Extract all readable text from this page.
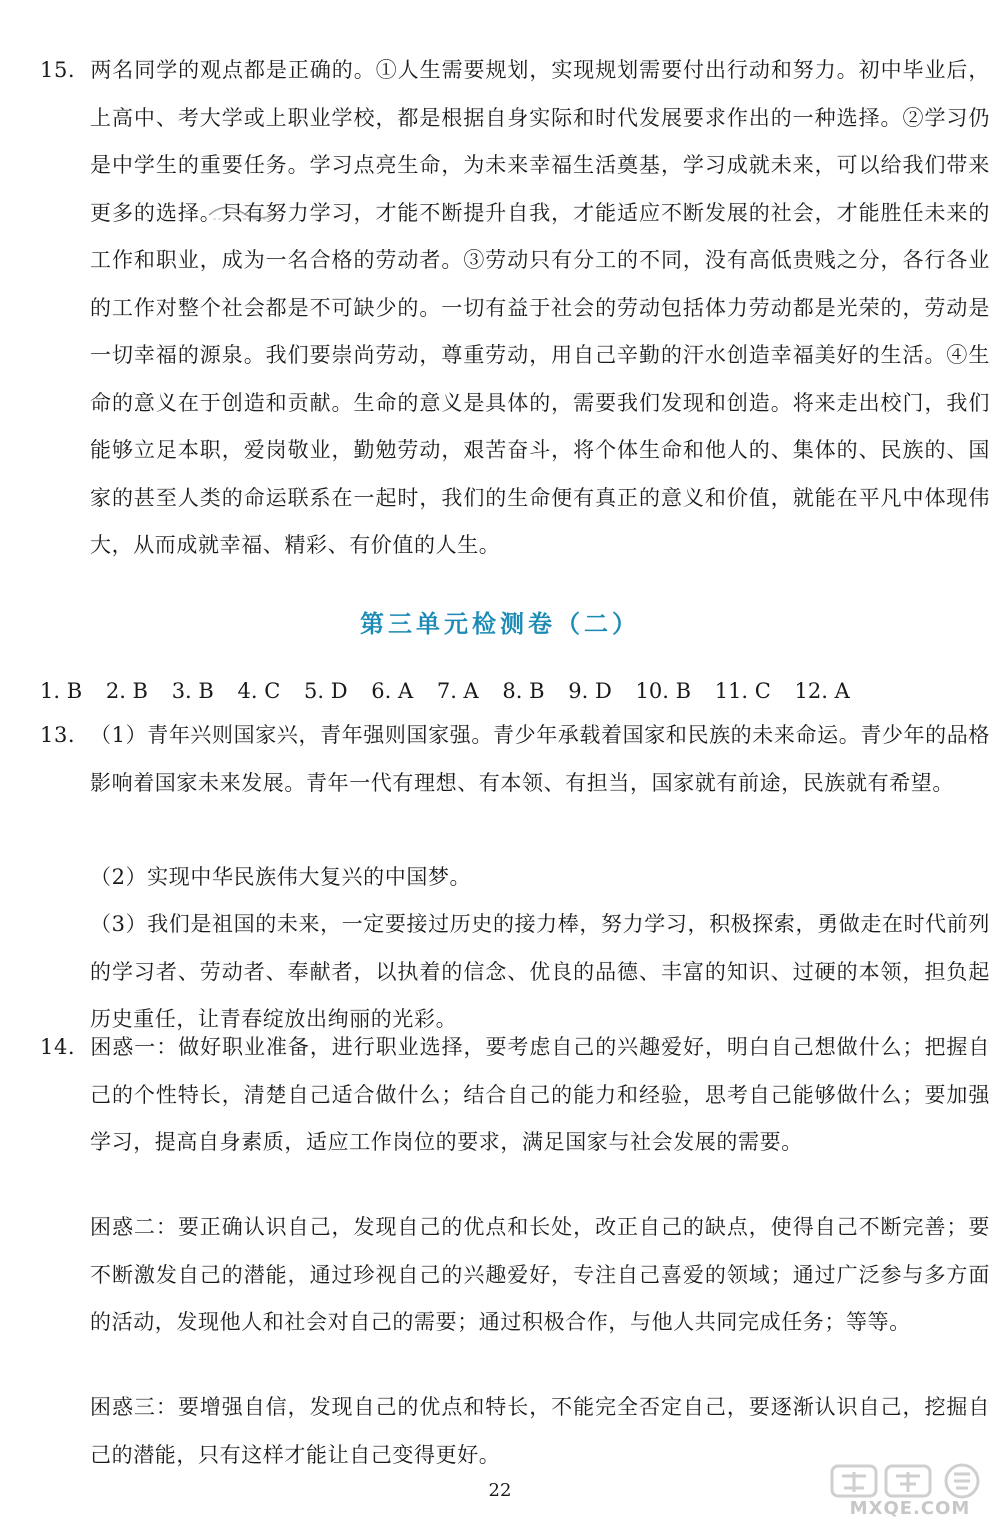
15. 两名同学的观点都是正确的。①人生需要规划，实现规划需要付出行动和努力。初中毕业后，上高中、考大学或上职业学校，都是根据自身实际和时代发展要求作出的一种选择。②学习仍是中学生的重要任务。学习点亮生命，为未来幸福生活奠基，学习成就未来，可以给我们带来更多的选择。只有努力学习，才能不断提升自我，才能适应不断发展的社会，才能胜任未来的工作和职业，成为一名合格的劳动者。③劳动只有分工的不同，没有高低贵贱之分，各行各业的工作对整个社会都是不可缺少的。一切有益于社会的劳动包括体力劳动都是光荣的，劳动是一切幸福的源泉。我们要崇尚劳动，尊重劳动，用自己辛勤的汗水创造幸福美好的生活。④生命的意义在于创造和贡献。生命的意义是具体的，需要我们发现和创造。将来走出校门，我们能够立足本职，爱岗敬业，勤勉劳动，艰苦奋斗，将个体生命和他人的、集体的、民族的、国家的甚至人类的命运联系在一起时，我们的生命便有真正的意义和价值，就能在平凡中体现伟大，从而成就幸福、精彩、有价值的人生。
第三单元检测卷（二）
1. B 2. B 3. B 4. C 5. D 6. A 7. A 8. B 9. D 10. B 11. C 12. A
13. （1）青年兴则国家兴，青年强则国家强。青少年承载着国家和民族的未来命运。青少年的品格影响着国家未来发展。青年一代有理想、有本领、有担当，国家就有前途，民族就有希望。
（2）实现中华民族伟大复兴的中国梦。
（3）我们是祖国的未来，一定要接过历史的接力棒，努力学习，积极探索，勇做走在时代前列的学习者、劳动者、奉献者，以执着的信念、优良的品德、丰富的知识、过硬的本领，担负起历史重任，让青春绽放出绚丽的光彩。
14. 困惑一：做好职业准备，进行职业选择，要考虑自己的兴趣爱好，明白自己想做什么；把握自己的个性特长，清楚自己适合做什么；结合自己的能力和经验，思考自己能够做什么；要加强学习，提高自身素质，适应工作岗位的要求，满足国家与社会发展的需要。
困惑二：要正确认识自己，发现自己的优点和长处，改正自己的缺点，使得自己不断完善；要不断激发自己的潜能，通过珍视自己的兴趣爱好，专注自己喜爱的领域；通过广泛参与多方面的活动，发现他人和社会对自己的需要；通过积极合作，与他人共同完成任务；等等。
困惑三：要增强自信，发现自己的优点和特长，不能完全否定自己，要逐渐认识自己，挖掘自己的潜能，只有这样才能让自己变得更好。
22
MXQE.COM
